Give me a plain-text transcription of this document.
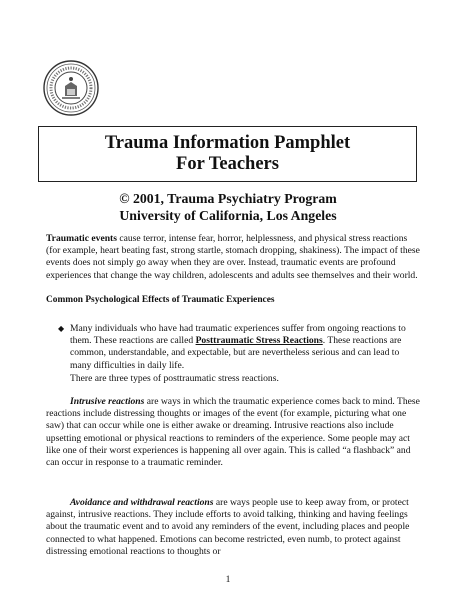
Trauma Information Pamphlet
For Teachers
© 2001, Trauma Psychiatry Program
University of California, Los Angeles
Traumatic events cause terror, intense fear, horror, helplessness, and physical stress reactions (for example, heart beating fast, strong startle, stomach dropping, shakiness). The impact of these events does not simply go away when they are over. Instead, traumatic events are profound experiences that change the way children, adolescents and adults see themselves and their world.
Common Psychological Effects of Traumatic Experiences
◆ Many individuals who have had traumatic experiences suffer from ongoing reactions to them. These reactions are called Posttraumatic Stress Reactions. These reactions are common, understandable, and expectable, but are nevertheless serious and can lead to many difficulties in daily life.
There are three types of posttraumatic stress reactions.
Intrusive reactions are ways in which the traumatic experience comes back to mind. These reactions include distressing thoughts or images of the event (for example, picturing what one saw) that can occur while one is either awake or dreaming. Intrusive reactions also include upsetting emotional or physical reactions to reminders of the experience. Some people may act like one of their worst experiences is happening all over again. This is called “a flashback” and can occur in response to a traumatic reminder.
Avoidance and withdrawal reactions are ways people use to keep away from, or protect against, intrusive reactions. They include efforts to avoid talking, thinking and having feelings about the traumatic event and to avoid any reminders of the event, including places and people connected to what happened. Emotions can become restricted, even numb, to protect against distressing emotional reactions to thoughts or
1
